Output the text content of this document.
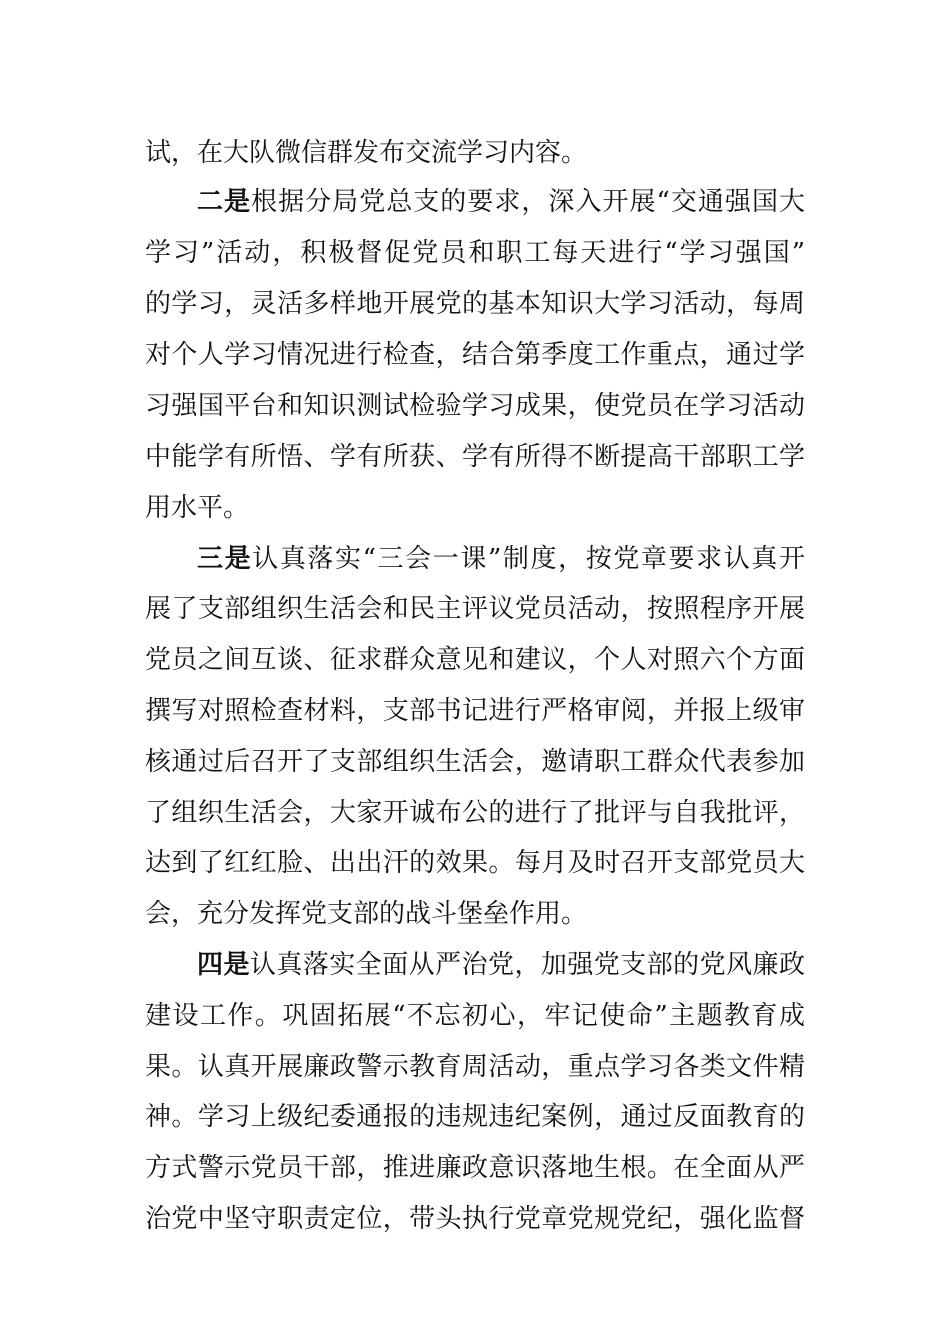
试，在大队微信群发布交流学习内容。
二是根据分局党总支的要求，深入开展“交通强国大
学习”活动，积极督促党员和职工每天进行“学习强国”
的学习，灵活多样地开展党的基本知识大学习活动，每周
对个人学习情况进行检查，结合第季度工作重点，通过学
习强国平台和知识测试检验学习成果，使党员在学习活动
中能学有所悟、学有所获、学有所得不断提高干部职工学
用水平。
三是认真落实“三会一课”制度，按党章要求认真开
展了支部组织生活会和民主评议党员活动，按照程序开展
党员之间互谈、征求群众意见和建议，个人对照六个方面
撰写对照检查材料，支部书记进行严格审阅，并报上级审
核通过后召开了支部组织生活会，邀请职工群众代表参加
了组织生活会，大家开诚布公的进行了批评与自我批评，
达到了红红脸、出出汗的效果。每月及时召开支部党员大
会，充分发挥党支部的战斗堡垒作用。
四是认真落实全面从严治党，加强党支部的党风廉政
建设工作。巩固拓展“不忘初心，牢记使命”主题教育成
果。认真开展廉政警示教育周活动，重点学习各类文件精
神。学习上级纪委通报的违规违纪案例，通过反面教育的
方式警示党员干部，推进廉政意识落地生根。在全面从严
治党中坚守职责定位，带头执行党章党规党纪，强化监督
